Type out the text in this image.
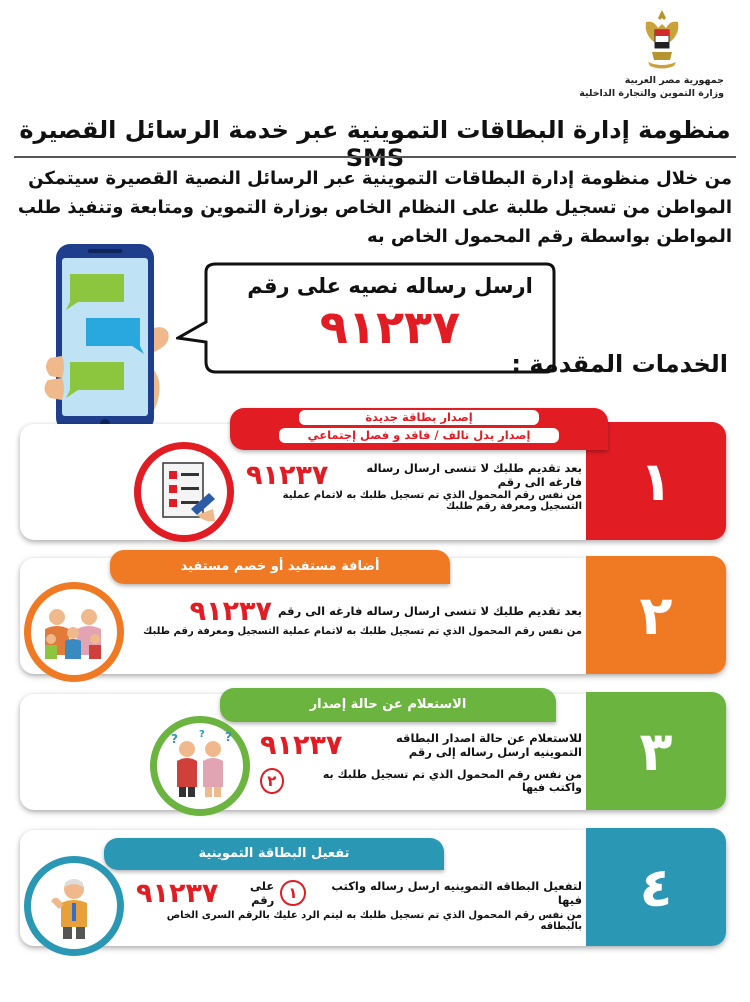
جمهورية مصر العربية
وزارة التموين والتجارة الداخلية
منظومة إدارة البطاقات التموينية عبر خدمة الرسائل القصيرة SMS
من خلال منظومة إدارة البطاقات التموينية عبر الرسائل النصية القصيرة سيتمكن المواطن من تسجيل طلبة على النظام الخاص بوزارة التموين ومتابعة وتنفيذ طلب المواطن بواسطة رقم المحمول الخاص به
ارسل رساله نصيه على رقم
٩١٢٣٧
الخدمات المقدمة :
١
إصدار بطاقة جديدة
إصدار بدل تالف / فاقد و فصل إجتماعي
بعد تقديم طلبك لا تنسى ارسال رساله فارغه الى رقم
٩١٢٣٧
من نفس رقم المحمول الذي تم تسجيل طلبك به لاتمام عملية التسجيل ومعرفة رقم طلبك
٢
أضافة مستفيد أو خصم مستفيد
بعد تقديم طلبك لا تنسى ارسال رساله فارغه الى رقم
٩١٢٣٧
من نفس رقم المحمول الذي تم تسجيل طلبك به لاتمام عملية التسجيل ومعرفة رقم طلبك
٣
الاستعلام عن حالة إصدار
?	?
?	للاستعلام عن حالة اصدار البطاقه التموينيه ارسل رساله إلى رقم
٩١٢٣٧
من نفس رقم المحمول الذي تم تسجيل طلبك به واكتب فيها
٢
٤
تفعيل البطاقة التموينية
لتفعيل البطاقه التموينيه ارسل رساله واكتب فيها
١
على رقم
٩١٢٣٧
من نفس رقم المحمول الذي تم تسجيل طلبك به ليتم الرد عليك بالرقم السرى الخاص بالبطاقه
